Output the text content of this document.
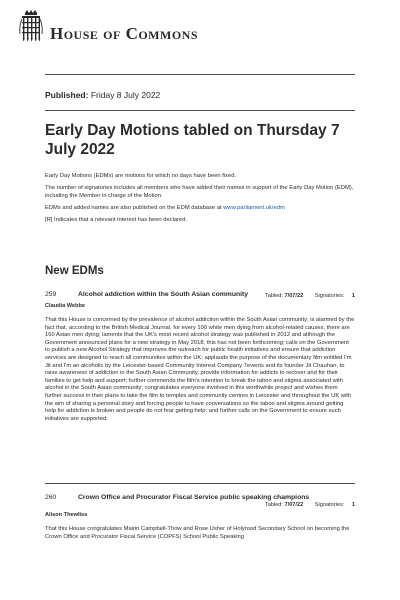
House of Commons
Published: Friday 8 July 2022
Early Day Motions tabled on Thursday 7 July 2022

Early Day Motions (EDMs) are motions for which no days have been fixed.

The number of signatories includes all members who have added their names in support of the Early Day Motion (EDM), including the Member in charge of the Motion.

EDMs and added names are also published on the EDM database at www.parliament.uk/edm

[R] Indicates that a relevant interest has been declared.

New EDMs
259	Alcohol addiction within the South Asian community
Claudia Webbe
Tabled: 7/07/22 Signatories: 1
That this House is concerned by the prevalence of alcohol addiction within the South Asian community; is alarmed by the fact that, according to the British Medical Journal, for every 100 white men dying from alcohol-related causes, there are 160 Asian men dying; laments that the UK's most recent alcohol strategy was published in 2012 and although the Government announced plans for a new strategy in May 2018, this has not been forthcoming; calls on the Government to publish a new Alcohol Strategy that improves the outreach for public health initiatives and ensure that addiction services are designed to reach all communities within the UK; applauds the purpose of the documentary film entitled I'm Jit and I'm an alcoholic by the Leicester-based Community Interest Company 7events and its founder Jit Chauhan, to raise awareness of addiction in the South Asian Community, provide information for addicts to recover and for their families to get help and support; further commends the film's intention to break the taboo and stigma associated with alcohol in the South Asian community; congratulates everyone involved in this worthwhile project and wishes them further success in their plans to take the film to temples and community centres in Leicester and throughout the UK with the aim of sharing a personal story and forcing people to have conversations so the taboo and stigma around getting help for addiction is broken and people do not fear getting help; and further calls on the Government to ensure such initiatives are supported.
260	Crown Office and Procurator Fiscal Service public speaking champions
Alison Thewliss
Tabled: 7/07/22 Signatories: 1
That this House congratulates Mairin Campbell-Thow and Rose Usher of Holyrood Secondary School on becoming the Crown Office and Procurator Fiscal Service (COPFS) School Public Speaking
